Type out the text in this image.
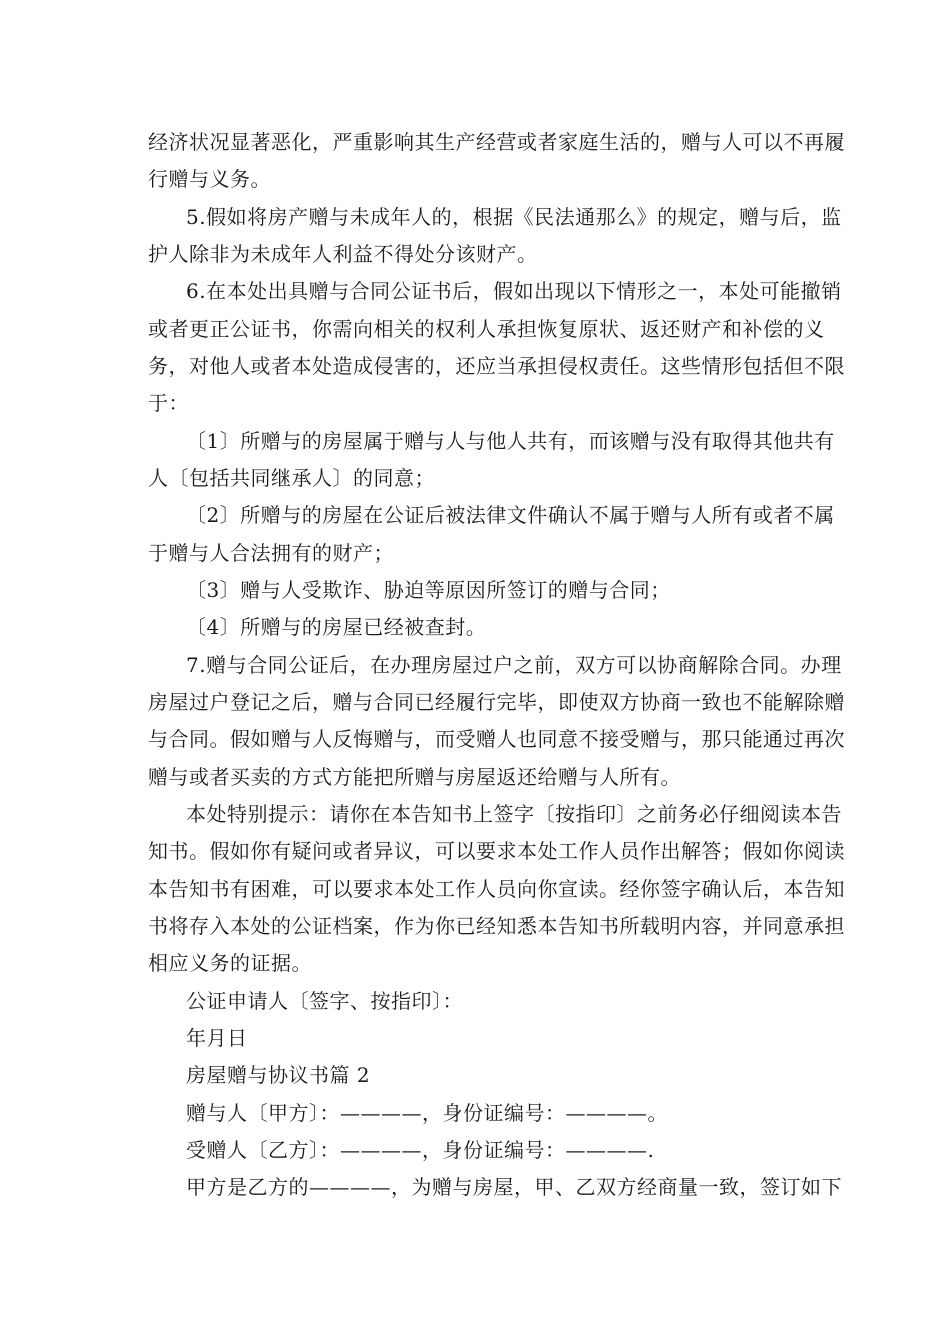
经济状况显著恶化，严重影响其生产经营或者家庭生活的，赠与人可以不再履
行赠与义务。
5.假如将房产赠与未成年人的，根据《民法通那么》的规定，赠与后，监
护人除非为未成年人利益不得处分该财产。
6.在本处出具赠与合同公证书后，假如出现以下情形之一，本处可能撤销
或者更正公证书，你需向相关的权利人承担恢复原状、返还财产和补偿的义
务，对他人或者本处造成侵害的，还应当承担侵权责任。这些情形包括但不限
于：
〔1〕所赠与的房屋属于赠与人与他人共有，而该赠与没有取得其他共有
人〔包括共同继承人〕的同意；
〔2〕所赠与的房屋在公证后被法律文件确认不属于赠与人所有或者不属
于赠与人合法拥有的财产；
〔3〕赠与人受欺诈、胁迫等原因所签订的赠与合同；
〔4〕所赠与的房屋已经被查封。
7.赠与合同公证后，在办理房屋过户之前，双方可以协商解除合同。办理
房屋过户登记之后，赠与合同已经履行完毕，即使双方协商一致也不能解除赠
与合同。假如赠与人反悔赠与，而受赠人也同意不接受赠与，那只能通过再次
赠与或者买卖的方式方能把所赠与房屋返还给赠与人所有。
本处特别提示：请你在本告知书上签字〔按指印〕之前务必仔细阅读本告
知书。假如你有疑问或者异议，可以要求本处工作人员作出解答；假如你阅读
本告知书有困难，可以要求本处工作人员向你宣读。经你签字确认后，本告知
书将存入本处的公证档案，作为你已经知悉本告知书所载明内容，并同意承担
相应义务的证据。
公证申请人〔签字、按指印〕：
年月日
房屋赠与协议书篇 2
赠与人〔甲方〕：————，身份证编号：————。
受赠人〔乙方〕：————，身份证编号：————.
甲方是乙方的————，为赠与房屋，甲、乙双方经商量一致，签订如下
